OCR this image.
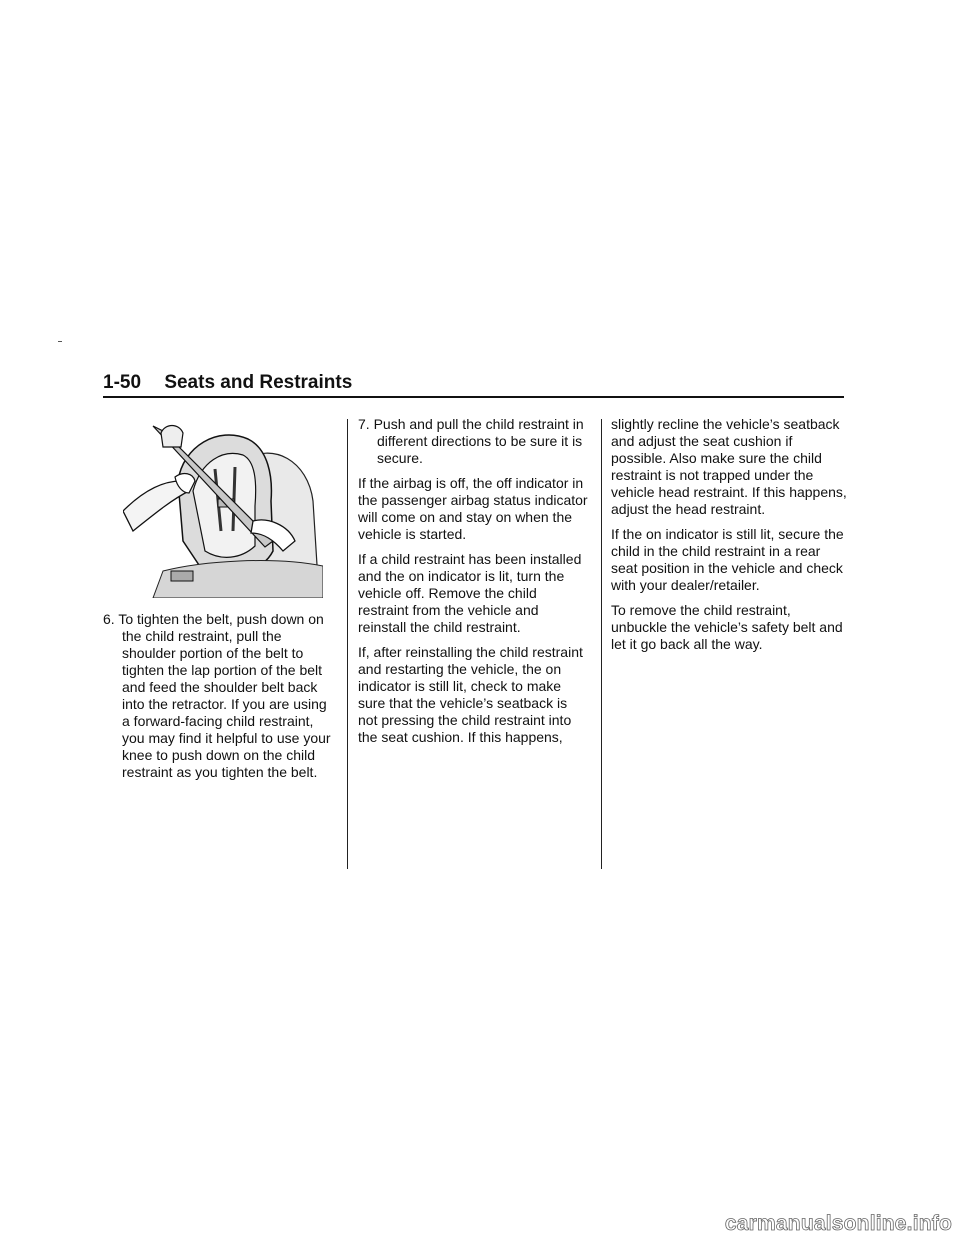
1-50 Seats and Restraints

6. To tighten the belt, push down on the child restraint, pull the shoulder portion of the belt to tighten the lap portion of the belt and feed the shoulder belt back into the retractor. If you are using a forward-facing child restraint, you may find it helpful to use your knee to push down on the child restraint as you tighten the belt.

7. Push and pull the child restraint in different directions to be sure it is secure.

If the airbag is off, the off indicator in the passenger airbag status indicator will come on and stay on when the vehicle is started.

If a child restraint has been installed and the on indicator is lit, turn the vehicle off. Remove the child restraint from the vehicle and reinstall the child restraint.

If, after reinstalling the child restraint and restarting the vehicle, the on indicator is still lit, check to make sure that the vehicle’s seatback is not pressing the child restraint into the seat cushion. If this happens,

slightly recline the vehicle’s seatback and adjust the seat cushion if possible. Also make sure the child restraint is not trapped under the vehicle head restraint. If this happens, adjust the head restraint.

If the on indicator is still lit, secure the child in the child restraint in a rear seat position in the vehicle and check with your dealer/retailer.

To remove the child restraint, unbuckle the vehicle’s safety belt and let it go back all the way.

carmanualsonline.info
